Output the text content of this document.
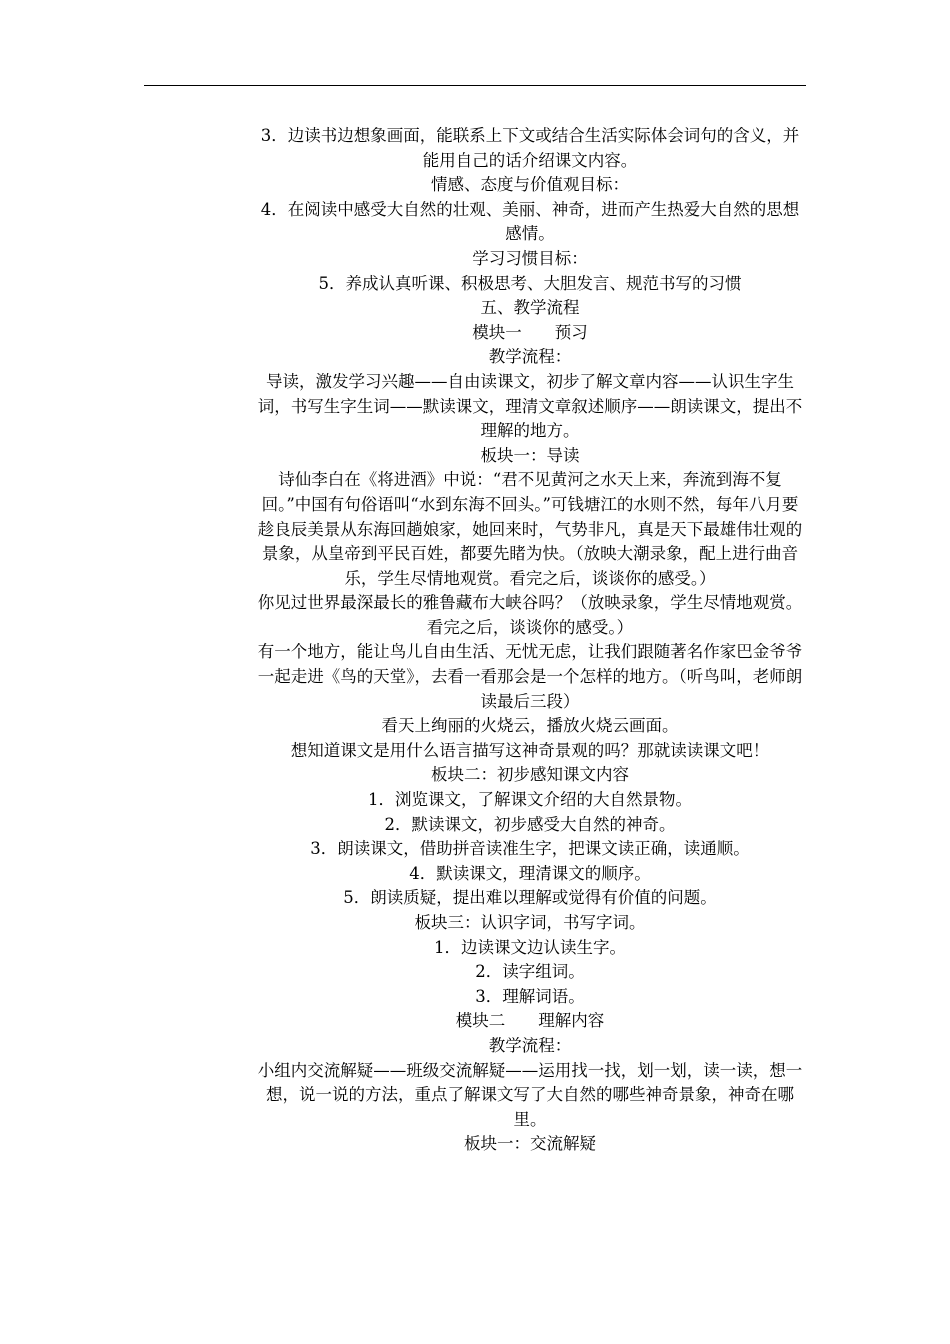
3．边读书边想象画面，能联系上下文或结合生活实际体会词句的含义，并能用自己的话介绍课文内容。

情感、态度与价值观目标：

4．在阅读中感受大自然的壮观、美丽、神奇，进而产生热爱大自然的思想感情。

学习习惯目标：

5．养成认真听课、积极思考、大胆发言、规范书写的习惯

五、教学流程

模块一　　预习

教学流程：

导读，激发学习兴趣——自由读课文，初步了解文章内容——认识生字生词，书写生字生词——默读课文，理清文章叙述顺序——朗读课文，提出不理解的地方。

板块一：导读

诗仙李白在《将进酒》中说：“君不见黄河之水天上来，奔流到海不复回。”中国有句俗语叫“水到东海不回头。”可钱塘江的水则不然，每年八月要趁良辰美景从东海回趟娘家，她回来时，气势非凡，真是天下最雄伟壮观的景象，从皇帝到平民百姓，都要先睹为快。（放映大潮录象，配上进行曲音乐，学生尽情地观赏。看完之后，谈谈你的感受。）

你见过世界最深最长的雅鲁藏布大峡谷吗？（放映录象，学生尽情地观赏。看完之后，谈谈你的感受。）

有一个地方，能让鸟儿自由生活、无忧无虑，让我们跟随著名作家巴金爷爷一起走进《鸟的天堂》，去看一看那会是一个怎样的地方。（听鸟叫，老师朗读最后三段）

看天上绚丽的火烧云，播放火烧云画面。

想知道课文是用什么语言描写这神奇景观的吗？那就读读课文吧！

板块二：初步感知课文内容

1．浏览课文，了解课文介绍的大自然景物。

2．默读课文，初步感受大自然的神奇。

3．朗读课文，借助拼音读准生字，把课文读正确，读通顺。

4．默读课文，理清课文的顺序。

5．朗读质疑，提出难以理解或觉得有价值的问题。

板块三：认识字词，书写字词。

1．边读课文边认读生字。

2．读字组词。

3．理解词语。

模块二　　理解内容

教学流程：

小组内交流解疑——班级交流解疑——运用找一找，划一划，读一读，想一想，说一说的方法，重点了解课文写了大自然的哪些神奇景象，神奇在哪里。

板块一：交流解疑
